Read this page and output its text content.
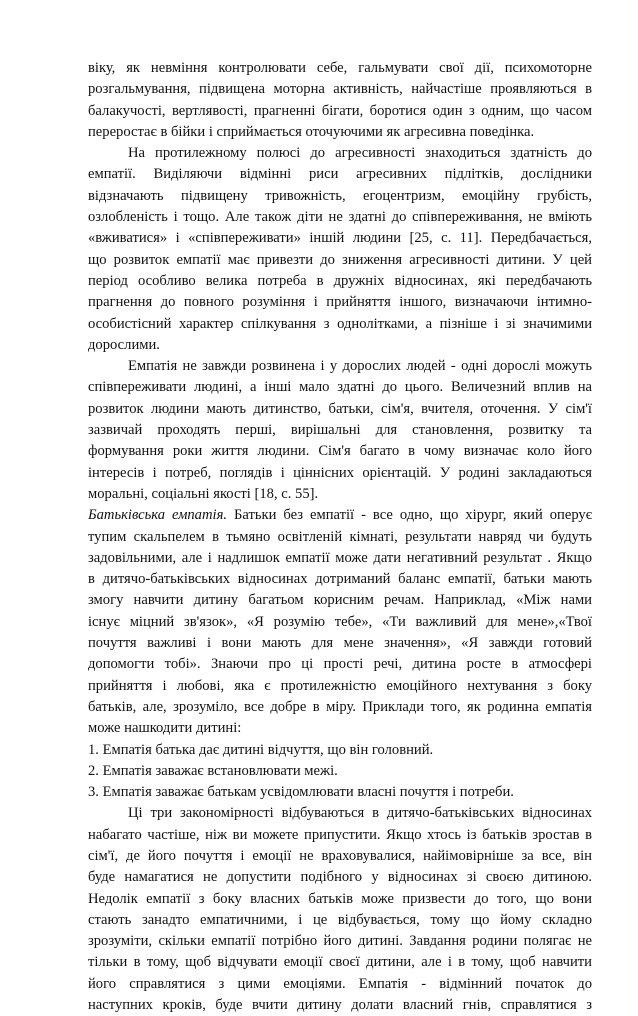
віку, як невміння контролювати себе, гальмувати свої дії, психомоторне
розгальмування, підвищена моторна активність, найчастіше проявляються в
балакучості, вертлявості, прагненні бігати, боротися один з одним, що часом
переростає в бійки і сприймається оточуючими як агресивна поведінка.
На протилежному полюсі до агресивності знаходиться здатність до
емпатії. Виділяючи відмінні риси агресивних підлітків, дослідники
відзначають підвищену тривожність, егоцентризм, емоційну грубість,
озлобленість і тощо. Але також діти не здатні до співпереживання, не вміють
«вживатися» і «співпереживати» іншій людини [25, с. 11]. Передбачається,
що розвиток емпатії має привезти до зниження агресивності дитини. У цей
період особливо велика потреба в дружніх відносинах, які передбачають
прагнення до повного розуміння і прийняття іншого, визначаючи інтимно-
особистісний характер спілкування з однолітками, а пізніше і зі значимими
дорослими.
Емпатія не завжди розвинена і у дорослих людей - одні дорослі можуть
співпереживати людині, а інші мало здатні до цього. Величезний вплив на
розвиток людини мають дитинство, батьки, сім'я, вчителя, оточення. У сім'ї
зазвичай проходять перші, вирішальні для становлення, розвитку та
формування роки життя людини. Сім'я багато в чому визначає коло його
інтересів і потреб, поглядів і ціннісних орієнтацій. У родині закладаються
моральні, соціальні якості [18, с. 55].
Батьківська емпатія. Батьки без емпатії - все одно, що хірург, який оперує
тупим скальпелем в тьмяно освітленій кімнаті, результати навряд чи будуть
задовільними, але і надлишок емпатії може дати негативний результат . Якщо
в дитячо-батьківських відносинах дотриманий баланс емпатії, батьки мають
змогу навчити дитину багатьом корисним речам. Наприклад, «Між нами
існує міцний зв'язок», «Я розумію тебе», «Ти важливий для мене»,«Твої
почуття важливі і вони мають для мене значення», «Я завжди готовий
допомогти тобі». Знаючи про ці прості речі, дитина росте в атмосфері
прийняття і любові, яка є протилежністю емоційного нехтування з боку
батьків, але, зрозуміло, все добре в міру. Приклади того, як родинна емпатія
може нашкодити дитині:
1. Емпатія батька дає дитині відчуття, що він головний.
2. Емпатія заважає встановлювати межі.
3. Емпатія заважає батькам усвідомлювати власні почуття і потреби.
Ці три закономірності відбуваються в дитячо-батьківських відносинах
набагато частіше, ніж ви можете припустити. Якщо хтось із батьків зростав в
сім'ї, де його почуття і емоції не враховувалися, найімовірніше за все, він
буде намагатися не допустити подібного у відносинах зі своєю дитиною.
Недолік емпатії з боку власних батьків може призвести до того, що вони
стають занадто емпатичними, і це відбувається, тому що йому складно
зрозуміти, скільки емпатії потрібно його дитині. Завдання родини полягає не
тільки в тому, щоб відчувати емоції своєї дитини, але і в тому, щоб навчити
його справлятися з цими емоціями. Емпатія - відмінний початок до
наступних кроків, буде вчити дитину долати власний гнів, справлятися з
